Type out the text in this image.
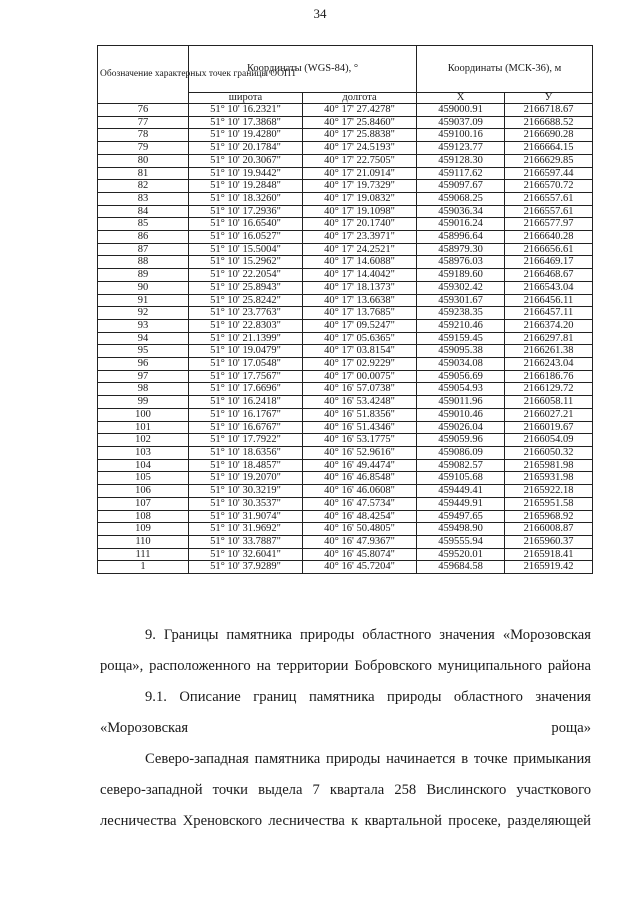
34
Обозначение характерных точек границы ООПТ	Координаты (WGS-84), °		Координаты (МСК-36), м	
	широта	долгота	X	У
76	51° 10' 16.2321"	40° 17' 27.4278"	459000.91	2166718.67
77	51° 10' 17.3868"	40° 17' 25.8460"	459037.09	2166688.52
78	51° 10' 19.4280"	40° 17' 25.8838"	459100.16	2166690.28
79	51° 10' 20.1784"	40° 17' 24.5193"	459123.77	2166664.15
80	51° 10' 20.3067"	40° 17' 22.7505"	459128.30	2166629.85
81	51° 10' 19.9442"	40° 17' 21.0914"	459117.62	2166597.44
82	51° 10' 19.2848"	40° 17' 19.7329"	459097.67	2166570.72
83	51° 10' 18.3260"	40° 17' 19.0832"	459068.25	2166557.61
84	51° 10' 17.2936"	40° 17' 19.1098"	459036.34	2166557.61
85	51° 10' 16.6540"	40° 17' 20.1740"	459016.24	2166577.97
86	51° 10' 16.0527"	40° 17' 23.3971"	458996.64	2166640.28
87	51° 10' 15.5004"	40° 17' 24.2521"	458979.30	2166656.61
88	51° 10' 15.2962"	40° 17' 14.6088"	458976.03	2166469.17
89	51° 10' 22.2054"	40° 17' 14.4042"	459189.60	2166468.67
90	51° 10' 25.8943"	40° 17' 18.1373"	459302.42	2166543.04
91	51° 10' 25.8242"	40° 17' 13.6638"	459301.67	2166456.11
92	51° 10' 23.7763"	40° 17' 13.7685"	459238.35	2166457.11
93	51° 10' 22.8303"	40° 17' 09.5247"	459210.46	2166374.20
94	51° 10' 21.1399"	40° 17' 05.6365"	459159.45	2166297.81
95	51° 10' 19.0479"	40° 17' 03.8154"	459095.38	2166261.38
96	51° 10' 17.0548"	40° 17' 02.9229"	459034.08	2166243.04
97	51° 10' 17.7567"	40° 17' 00.0075"	459056.69	2166186.76
98	51° 10' 17.6696"	40° 16' 57.0738"	459054.93	2166129.72
99	51° 10' 16.2418"	40° 16' 53.4248"	459011.96	2166058.11
100	51° 10' 16.1767"	40° 16' 51.8356"	459010.46	2166027.21
101	51° 10' 16.6767"	40° 16' 51.4346"	459026.04	2166019.67
102	51° 10' 17.7922"	40° 16' 53.1775"	459059.96	2166054.09
103	51° 10' 18.6356"	40° 16' 52.9616"	459086.09	2166050.32
104	51° 10' 18.4857"	40° 16' 49.4474"	459082.57	2165981.98
105	51° 10' 19.2070"	40° 16' 46.8548"	459105.68	2165931.98
106	51° 10' 30.3219"	40° 16' 46.0608"	459449.41	2165922.18
107	51° 10' 30.3537"	40° 16' 47.5734"	459449.91	2165951.58
108	51° 10' 31.9074"	40° 16' 48.4254"	459497.65	2165968.92
109	51° 10' 31.9692"	40° 16' 50.4805"	459498.90	2166008.87
110	51° 10' 33.7887"	40° 16' 47.9367"	459555.94	2165960.37
111	51° 10' 32.6041"	40° 16' 45.8074"	459520.01	2165918.41
1	51° 10' 37.9289"	40° 16' 45.7204"	459684.58	2165919.42
9. Границы памятника природы областного значения «Морозовская роща», расположенного на территории Бобровского муниципального района
9.1. Описание границ памятника природы областного значения «Морозовская роща»
Северо-западная памятника природы начинается в точке примыкания северо-западной точки выдела 7 квартала 258 Вислинского участкового лесничества Хреновского лесничества к квартальной просеке, разделяющей
